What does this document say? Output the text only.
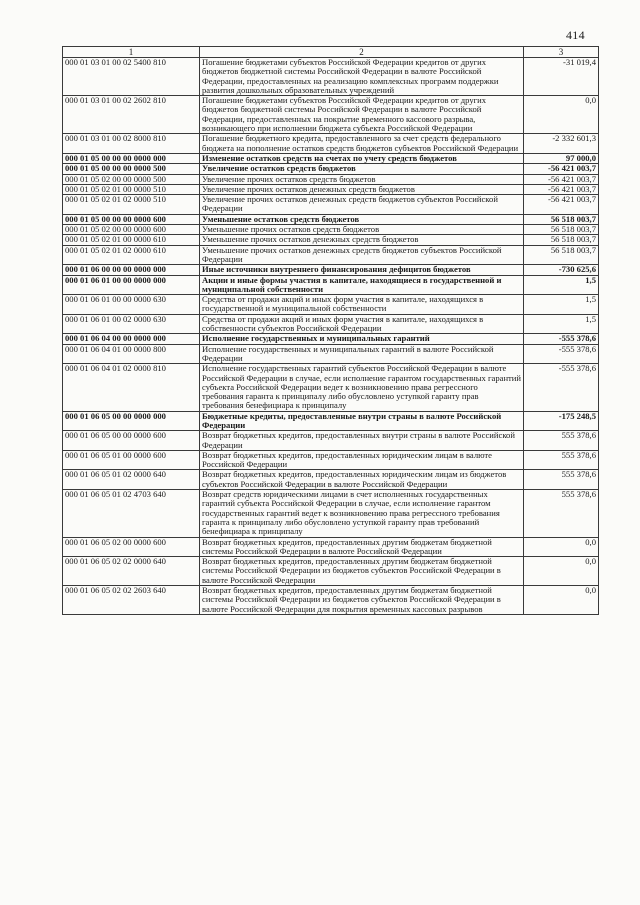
414
1	2	3
000 01 03 01 00 02 5400 810	Погашение бюджетами субъектов Российской Федерации кредитов от других бюджетов бюджетной системы Российской Федерации в валюте Российской Федерации, предоставленных на реализацию комплексных программ поддержки развития дошкольных образовательных учреждений	-31 019,4
000 01 03 01 00 02 2602 810	Погашение бюджетами субъектов Российской Федерации кредитов от других бюджетов бюджетной системы Российской Федерации в валюте Российской Федерации, предоставленных на покрытие временного кассового разрыва, возникающего при исполнении бюджета субъекта Российской Федерации	0,0
000 01 03 01 00 02 8000 810	Погашение бюджетного кредита, предоставленного за счет средств федерального бюджета на пополнение остатков средств бюджетов субъектов Российской Федерации	-2 332 601,3
000 01 05 00 00 00 0000 000	Изменение остатков средств на счетах по учету средств бюджетов	97 000,0
000 01 05 00 00 00 0000 500	Увеличение остатков средств бюджетов	-56 421 003,7
000 01 05 02 00 00 0000 500	Увеличение прочих остатков средств бюджетов	-56 421 003,7
000 01 05 02 01 00 0000 510	Увеличение прочих остатков денежных средств бюджетов	-56 421 003,7
000 01 05 02 01 02 0000 510	Увеличение прочих остатков денежных средств бюджетов субъектов Российской Федерации	-56 421 003,7
000 01 05 00 00 00 0000 600	Уменьшение остатков средств бюджетов	56 518 003,7
000 01 05 02 00 00 0000 600	Уменьшение прочих остатков средств бюджетов	56 518 003,7
000 01 05 02 01 00 0000 610	Уменьшение прочих остатков денежных средств бюджетов	56 518 003,7
000 01 05 02 01 02 0000 610	Уменьшение прочих остатков денежных средств бюджетов субъектов Российской Федерации	56 518 003,7
000 01 06 00 00 00 0000 000	Иные источники внутреннего финансирования дефицитов бюджетов	-730 625,6
000 01 06 01 00 00 0000 000	Акции и иные формы участия в капитале, находящиеся в государственной и муниципальной собственности	1,5
000 01 06 01 00 00 0000 630	Средства от продажи акций и иных форм участия в капитале, находящихся в государственной и муниципальной собственности	1,5
000 01 06 01 00 02 0000 630	Средства от продажи акций и иных форм участия в капитале, находящихся в собственности субъектов Российской Федерации	1,5
000 01 06 04 00 00 0000 000	Исполнение государственных и муниципальных гарантий	-555 378,6
000 01 06 04 01 00 0000 800	Исполнение государственных и муниципальных гарантий в валюте Российской Федерации	-555 378,6
000 01 06 04 01 02 0000 810	Исполнение государственных гарантий субъектов Российской Федерации в валюте Российской Федерации в случае, если исполнение гарантом государственных гарантий субъекта Российской Федерации ведет к возникновению права регрессного требования гаранта к принципалу либо обусловлено уступкой гаранту прав требования бенефициара к принципалу	-555 378,6
000 01 06 05 00 00 0000 000	Бюджетные кредиты, предоставленные внутри страны в валюте Российской Федерации	-175 248,5
000 01 06 05 00 00 0000 600	Возврат бюджетных кредитов, предоставленных внутри страны в валюте Российской Федерации	555 378,6
000 01 06 05 01 00 0000 600	Возврат бюджетных кредитов, предоставленных юридическим лицам в валюте Российской Федерации	555 378,6
000 01 06 05 01 02 0000 640	Возврат бюджетных кредитов, предоставленных юридическим лицам из бюджетов субъектов Российской Федерации в валюте Российской Федерации	555 378,6
000 01 06 05 01 02 4703 640	Возврат средств юридическими лицами в счет исполненных государственных гарантий субъекта Российской Федерации в случае, если исполнение гарантом государственных гарантий ведет к возникновению права регрессного требования гаранта к принципалу либо обусловлено уступкой гаранту прав требований бенефициара к принципалу	555 378,6
000 01 06 05 02 00 0000 600	Возврат бюджетных кредитов, предоставленных другим бюджетам бюджетной системы Российской Федерации в валюте Российской Федерации	0,0
000 01 06 05 02 02 0000 640	Возврат бюджетных кредитов, предоставленных другим бюджетам бюджетной системы Российской Федерации из бюджетов субъектов Российской Федерации в валюте Российской Федерации	0,0
000 01 06 05 02 02 2603 640	Возврат бюджетных кредитов, предоставленных другим бюджетам бюджетной системы Российской Федерации из бюджетов субъектов Российской Федерации в валюте Российской Федерации для покрытия временных кассовых разрывов	0,0
